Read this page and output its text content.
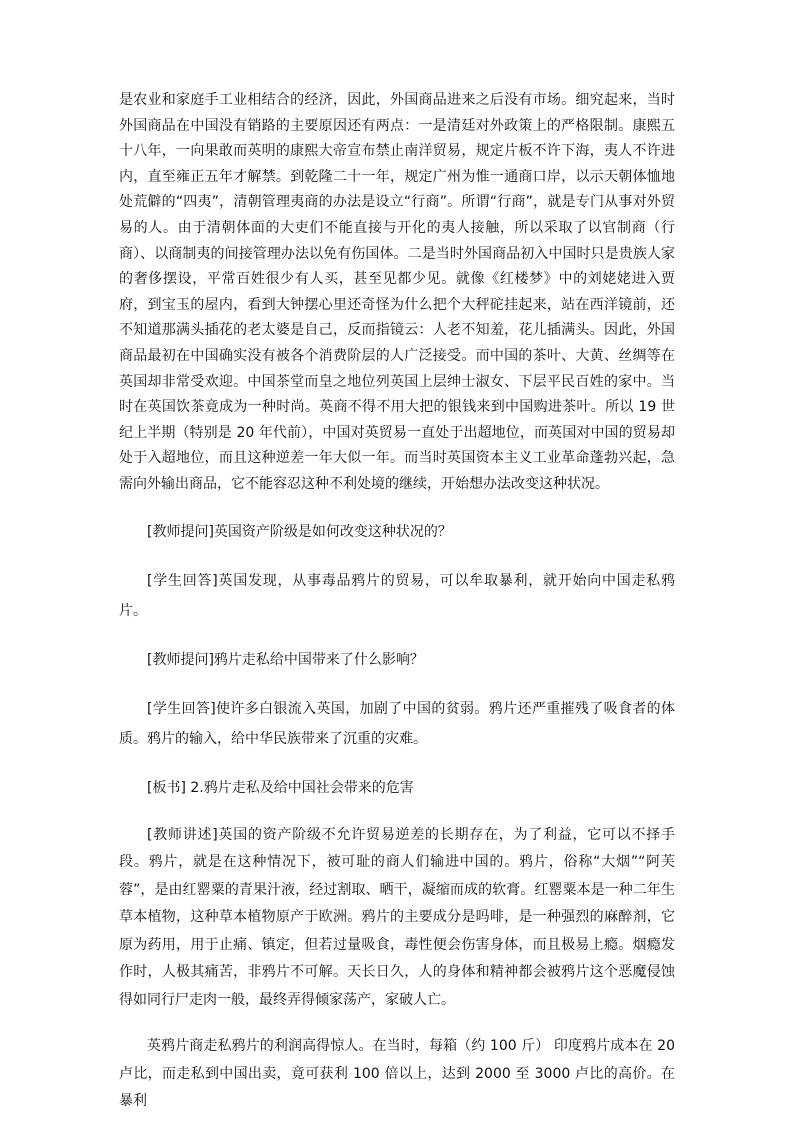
是农业和家庭手工业相结合的经济，因此，外国商品进来之后没有市场。细究起来，当时外国商品在中国没有销路的主要原因还有两点：一是清廷对外政策上的严格限制。康熙五十八年，一向果敢而英明的康熙大帝宣布禁止南洋贸易，规定片板不许下海，夷人不许进内，直至雍正五年才解禁。到乾隆二十一年，规定广州为惟一通商口岸，以示天朝体恤地处荒僻的“四夷”，清朝管理夷商的办法是设立“行商”。所谓“行商”，就是专门从事对外贸易的人。由于清朝体面的大吏们不能直接与开化的夷人接触，所以采取了以官制商（行商）、以商制夷的间接管理办法以免有伤国体。二是当时外国商品初入中国时只是贵族人家的奢侈摆设，平常百姓很少有人买，甚至见都少见。就像《红楼梦》中的刘姥姥进入贾府，到宝玉的屋内，看到大钟摆心里还奇怪为什么把个大秤砣挂起来，站在西洋镜前，还不知道那满头插花的老太婆是自己，反而指镜云：人老不知羞，花儿插满头。因此，外国商品最初在中国确实没有被各个消费阶层的人广泛接受。而中国的茶叶、大黄、丝绸等在英国却非常受欢迎。中国茶堂而皇之地位列英国上层绅士淑女、下层平民百姓的家中。当时在英国饮茶竟成为一种时尚。英商不得不用大把的银钱来到中国购进茶叶。所以 19 世纪上半期（特别是 20 年代前），中国对英贸易一直处于出超地位，而英国对中国的贸易却处于入超地位，而且这种逆差一年大似一年。而当时英国资本主义工业革命蓬勃兴起，急需向外输出商品，它不能容忍这种不利处境的继续，开始想办法改变这种状况。

[教师提问]英国资产阶级是如何改变这种状况的？

[学生回答]英国发现，从事毒品鸦片的贸易，可以牟取暴利，就开始向中国走私鸦片。

[教师提问]鸦片走私给中国带来了什么影响？

[学生回答]使许多白银流入英国，加剧了中国的贫弱。鸦片还严重摧残了吸食者的体质。鸦片的输入，给中华民族带来了沉重的灾难。

[板书] 2.鸦片走私及给中国社会带来的危害

[教师讲述]英国的资产阶级不允许贸易逆差的长期存在，为了利益，它可以不择手段。鸦片，就是在这种情况下，被可耻的商人们输进中国的。鸦片，俗称“大烟”“阿芙蓉”，是由红罂粟的青果汁液，经过割取、晒干，凝缩而成的软膏。红罂粟本是一种二年生草本植物，这种草本植物原产于欧洲。鸦片的主要成分是吗啡，是一种强烈的麻醉剂，它原为药用，用于止痛、镇定，但若过量吸食，毒性便会伤害身体，而且极易上瘾。烟瘾发作时，人极其痛苦，非鸦片不可解。天长日久，人的身体和精神都会被鸦片这个恶魔侵蚀得如同行尸走肉一般，最终弄得倾家荡产，家破人亡。

英鸦片商走私鸦片的利润高得惊人。在当时，每箱（约 100 斤） 印度鸦片成本在 20 卢比，而走私到中国出卖，竟可获利 100 倍以上，达到 2000 至 3000 卢比的高价。在暴利
